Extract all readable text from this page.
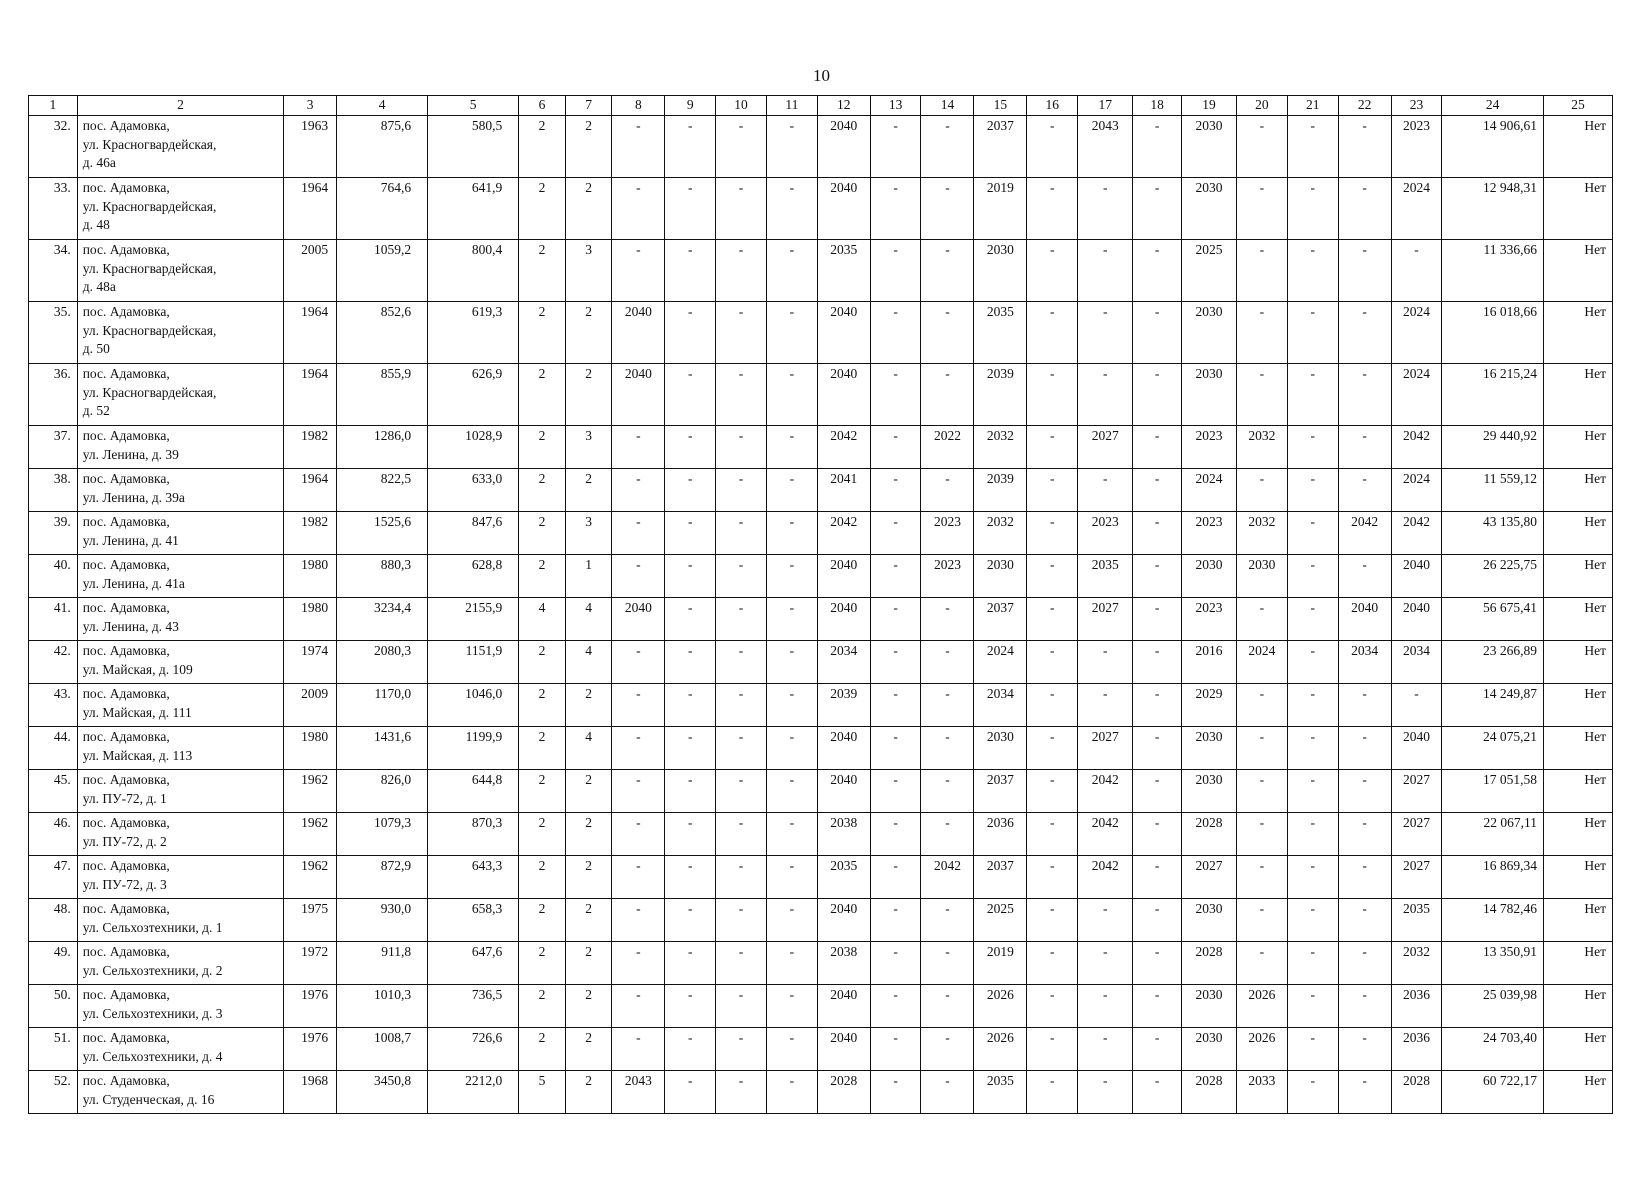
10
1	2	3	4	5	6	7	8	9	10	11	12	13	14	15	16	17	18	19	20	21	22	23	24	25
32.	пос. Адамовка,
ул. Красногвардейская,
д. 46а	1963	875,6	580,5	2	2	-	-	-	-	2040	-	-	2037	-	2043	-	2030	-	-	-	2023	14 906,61	Нет
33.	пос. Адамовка,
ул. Красногвардейская,
д. 48	1964	764,6	641,9	2	2	-	-	-	-	2040	-	-	2019	-	-	-	2030	-	-	-	2024	12 948,31	Нет
34.	пос. Адамовка,
ул. Красногвардейская,
д. 48а	2005	1059,2	800,4	2	3	-	-	-	-	2035	-	-	2030	-	-	-	2025	-	-	-	-	11 336,66	Нет
35.	пос. Адамовка,
ул. Красногвардейская,
д. 50	1964	852,6	619,3	2	2	2040	-	-	-	2040	-	-	2035	-	-	-	2030	-	-	-	2024	16 018,66	Нет
36.	пос. Адамовка,
ул. Красногвардейская,
д. 52	1964	855,9	626,9	2	2	2040	-	-	-	2040	-	-	2039	-	-	-	2030	-	-	-	2024	16 215,24	Нет
37.	пос. Адамовка,
ул. Ленина, д. 39	1982	1286,0	1028,9	2	3	-	-	-	-	2042	-	2022	2032	-	2027	-	2023	2032	-	-	2042	29 440,92	Нет
38.	пос. Адамовка,
ул. Ленина, д. 39а	1964	822,5	633,0	2	2	-	-	-	-	2041	-	-	2039	-	-	-	2024	-	-	-	2024	11 559,12	Нет
39.	пос. Адамовка,
ул. Ленина, д. 41	1982	1525,6	847,6	2	3	-	-	-	-	2042	-	2023	2032	-	2023	-	2023	2032	-	2042	2042	43 135,80	Нет
40.	пос. Адамовка,
ул. Ленина, д. 41а	1980	880,3	628,8	2	1	-	-	-	-	2040	-	2023	2030	-	2035	-	2030	2030	-	-	2040	26 225,75	Нет
41.	пос. Адамовка,
ул. Ленина, д. 43	1980	3234,4	2155,9	4	4	2040	-	-	-	2040	-	-	2037	-	2027	-	2023	-	-	2040	2040	56 675,41	Нет
42.	пос. Адамовка,
ул. Майская, д. 109	1974	2080,3	1151,9	2	4	-	-	-	-	2034	-	-	2024	-	-	-	2016	2024	-	2034	2034	23 266,89	Нет
43.	пос. Адамовка,
ул. Майская, д. 111	2009	1170,0	1046,0	2	2	-	-	-	-	2039	-	-	2034	-	-	-	2029	-	-	-	-	14 249,87	Нет
44.	пос. Адамовка,
ул. Майская, д. 113	1980	1431,6	1199,9	2	4	-	-	-	-	2040	-	-	2030	-	2027	-	2030	-	-	-	2040	24 075,21	Нет
45.	пос. Адамовка,
ул. ПУ-72, д. 1	1962	826,0	644,8	2	2	-	-	-	-	2040	-	-	2037	-	2042	-	2030	-	-	-	2027	17 051,58	Нет
46.	пос. Адамовка,
ул. ПУ-72, д. 2	1962	1079,3	870,3	2	2	-	-	-	-	2038	-	-	2036	-	2042	-	2028	-	-	-	2027	22 067,11	Нет
47.	пос. Адамовка,
ул. ПУ-72, д. 3	1962	872,9	643,3	2	2	-	-	-	-	2035	-	2042	2037	-	2042	-	2027	-	-	-	2027	16 869,34	Нет
48.	пос. Адамовка,
ул. Сельхозтехники, д. 1	1975	930,0	658,3	2	2	-	-	-	-	2040	-	-	2025	-	-	-	2030	-	-	-	2035	14 782,46	Нет
49.	пос. Адамовка,
ул. Сельхозтехники, д. 2	1972	911,8	647,6	2	2	-	-	-	-	2038	-	-	2019	-	-	-	2028	-	-	-	2032	13 350,91	Нет
50.	пос. Адамовка,
ул. Сельхозтехники, д. 3	1976	1010,3	736,5	2	2	-	-	-	-	2040	-	-	2026	-	-	-	2030	2026	-	-	2036	25 039,98	Нет
51.	пос. Адамовка,
ул. Сельхозтехники, д. 4	1976	1008,7	726,6	2	2	-	-	-	-	2040	-	-	2026	-	-	-	2030	2026	-	-	2036	24 703,40	Нет
52.	пос. Адамовка,
ул. Студенческая, д. 16	1968	3450,8	2212,0	5	2	2043	-	-	-	2028	-	-	2035	-	-	-	2028	2033	-	-	2028	60 722,17	Нет
